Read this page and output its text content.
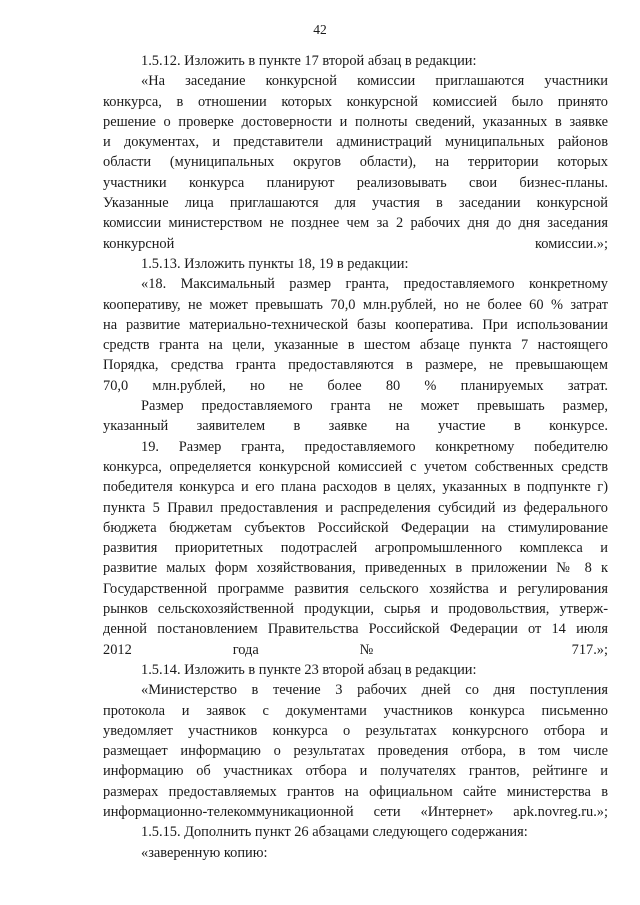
42

1.5.12. Изложить в пункте 17 второй абзац в редакции:

«На заседание конкурсной комиссии приглашаются участники
конкурса, в отношении которых конкурсной комиссией было принято
решение о проверке достоверности и полноты сведений, указанных в заявке
и документах, и представители администраций муниципальных районов
области (муниципальных округов области), на территории которых
участники конкурса планируют реализовывать свои бизнес-планы.
Указанные лица приглашаются для участия в заседании конкурсной
комиссии министерством не позднее чем за 2 рабочих дня до дня заседания
конкурсной комиссии.»;

1.5.13. Изложить пункты 18, 19 в редакции:

«18. Максимальный размер гранта, предоставляемого конкретному
кооперативу, не может превышать 70,0 млн.рублей, но не более 60 % затрат
на развитие материально-технической базы кооператива. При использовании
средств гранта на цели, указанные в шестом абзаце пункта 7 настоящего
Порядка, средства гранта предоставляются в размере, не превышающем
70,0 млн.рублей, но не более 80 % планируемых затрат.

Размер предоставляемого гранта не может превышать размер,
указанный заявителем в заявке на участие в конкурсе.

19. Размер гранта, предоставляемого конкретному победителю
конкурса, определяется конкурсной комиссией с учетом собственных средств
победителя конкурса и его плана расходов в целях, указанных в подпункте г)
пункта 5 Правил предоставления и распределения субсидий из федерального
бюджета бюджетам субъектов Российской Федерации на стимулирование
развития приоритетных подотраслей агропромышленного комплекса и
развитие малых форм хозяйствования, приведенных в приложении № 8 к
Государственной программе развития сельского хозяйства и регулирования
рынков сельскохозяйственной продукции, сырья и продовольствия, утверж-
денной постановлением Правительства Российской Федерации от 14 июля
2012 года № 717.»;

1.5.14. Изложить в пункте 23 второй абзац в редакции:

«Министерство в течение 3 рабочих дней со дня поступления
протокола и заявок с документами участников конкурса письменно
уведомляет участников конкурса о результатах конкурсного отбора и
размещает информацию о результатах проведения отбора, в том числе
информацию об участниках отбора и получателях грантов, рейтинге и
размерах предоставляемых грантов на официальном сайте министерства в
информационно-телекоммуникационной сети «Интернет» apk.novreg.ru.»;

1.5.15. Дополнить пункт 26 абзацами следующего содержания:

«заверенную копию:
